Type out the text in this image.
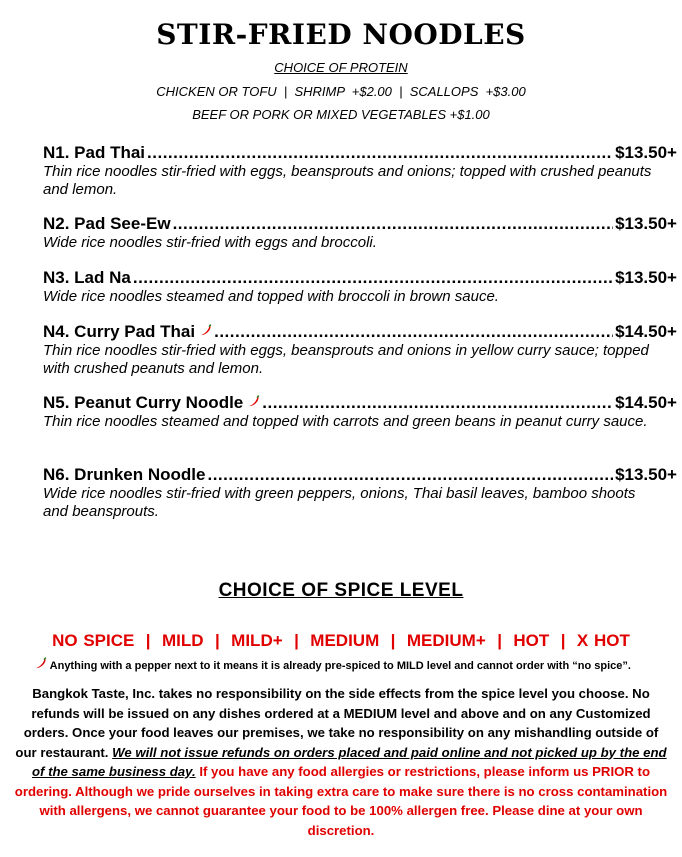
STIR-FRIED NOODLES
CHOICE OF PROTEIN
CHICKEN OR TOFU  |  SHRIMP  +$2.00  |  SCALLOPS  +$3.00
BEEF OR PORK OR MIXED VEGETABLES +$1.00
N1. Pad Thai .....	$13.50+
Thin rice noodles stir-fried with eggs, beansprouts and onions; topped with crushed peanuts and lemon.
N2. Pad See-Ew .....	$13.50+
Wide rice noodles stir-fried with eggs and broccoli.
N3. Lad Na .....	$13.50+
Wide rice noodles steamed and topped with broccoli in brown sauce.
N4. Curry Pad Thai .....	$14.50+
Thin rice noodles stir-fried with eggs, beansprouts and onions in yellow curry sauce; topped with crushed peanuts and lemon.
N5. Peanut Curry Noodle .....	$14.50+
Thin rice noodles steamed and topped with carrots and green beans in peanut curry sauce.
N6. Drunken Noodle .....	$13.50+
Wide rice noodles stir-fried with green peppers, onions, Thai basil leaves, bamboo shoots and beansprouts.
CHOICE OF SPICE LEVEL
NO SPICE  |  MILD  |  MILD+  |  MEDIUM  |  MEDIUM+  |  HOT  |  X HOT
Anything with a pepper next to it means it is already pre-spiced to MILD level and cannot order with “no spice”.
Bangkok Taste, Inc. takes no responsibility on the side effects from the spice level you choose. No refunds will be issued on any dishes ordered at a MEDIUM level and above and on any Customized orders. Once your food leaves our premises, we take no responsibility on any mishandling outside of our restaurant. We will not issue refunds on orders placed and paid online and not picked up by the end of the same business day. If you have any food allergies or restrictions, please inform us PRIOR to ordering. Although we pride ourselves in taking extra care to make sure there is no cross contamination with allergens, we cannot guarantee your food to be 100% allergen free. Please dine at your own discretion.
